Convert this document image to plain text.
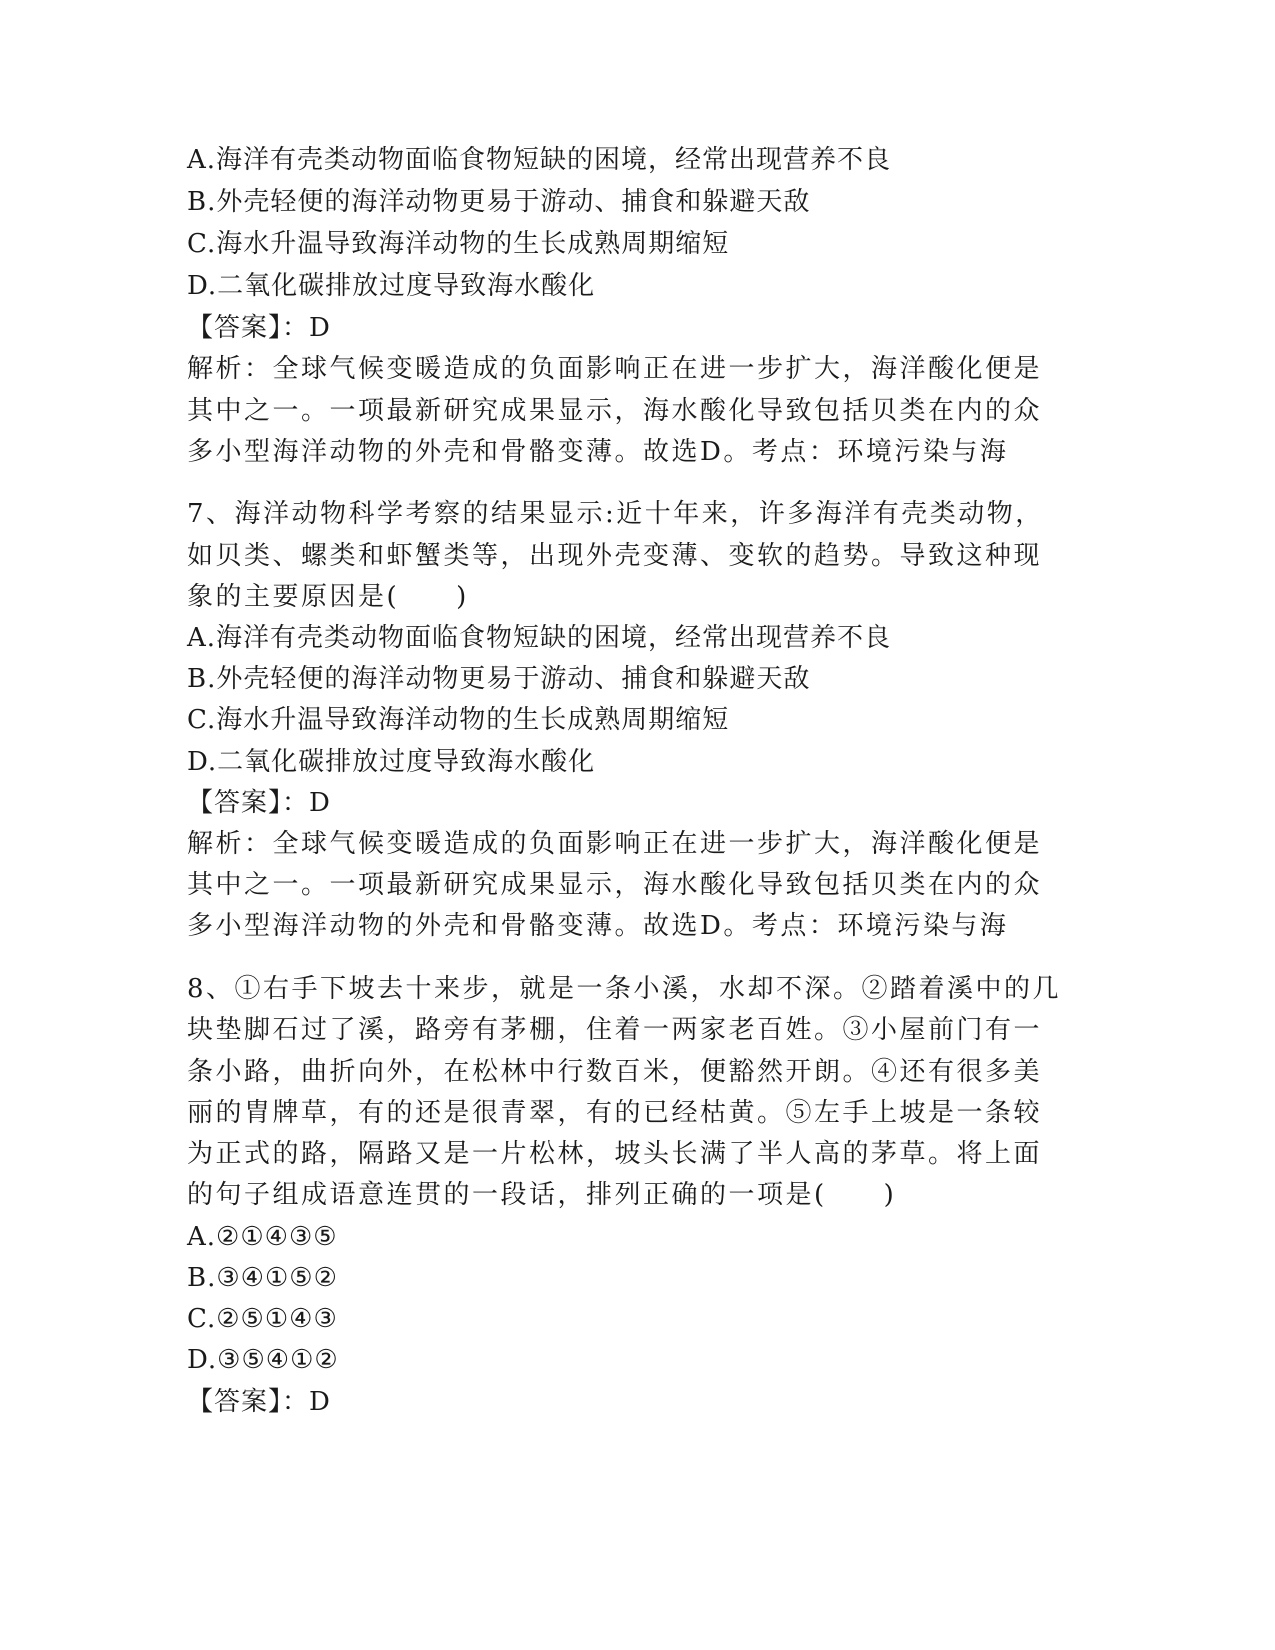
A.海洋有壳类动物面临食物短缺的困境，经常出现营养不良
B.外壳轻便的海洋动物更易于游动、捕食和躲避天敌
C.海水升温导致海洋动物的生长成熟周期缩短
D.二氧化碳排放过度导致海水酸化
【答案】：D
解析：全球气候变暖造成的负面影响正在进一步扩大，海洋酸化便是
其中之一。一项最新研究成果显示，海水酸化导致包括贝类在内的众
多小型海洋动物的外壳和骨骼变薄。故选D。考点：环境污染与海
7、海洋动物科学考察的结果显示:近十年来，许多海洋有壳类动物，
如贝类、螺类和虾蟹类等，出现外壳变薄、变软的趋势。导致这种现
象的主要原因是(　　)
A.海洋有壳类动物面临食物短缺的困境，经常出现营养不良
B.外壳轻便的海洋动物更易于游动、捕食和躲避天敌
C.海水升温导致海洋动物的生长成熟周期缩短
D.二氧化碳排放过度导致海水酸化
【答案】：D
解析：全球气候变暖造成的负面影响正在进一步扩大，海洋酸化便是
其中之一。一项最新研究成果显示，海水酸化导致包括贝类在内的众
多小型海洋动物的外壳和骨骼变薄。故选D。考点：环境污染与海
8、①右手下坡去十来步，就是一条小溪，水却不深。②踏着溪中的几
块垫脚石过了溪，路旁有茅棚，住着一两家老百姓。③小屋前门有一
条小路，曲折向外，在松林中行数百米，便豁然开朗。④还有很多美
丽的胄牌草，有的还是很青翠，有的已经枯黄。⑤左手上坡是一条较
为正式的路，隔路又是一片松林，坡头长满了半人高的茅草。将上面
的句子组成语意连贯的一段话，排列正确的一项是(　　)
A.②①④③⑤
B.③④①⑤②
C.②⑤①④③
D.③⑤④①②
【答案】：D
